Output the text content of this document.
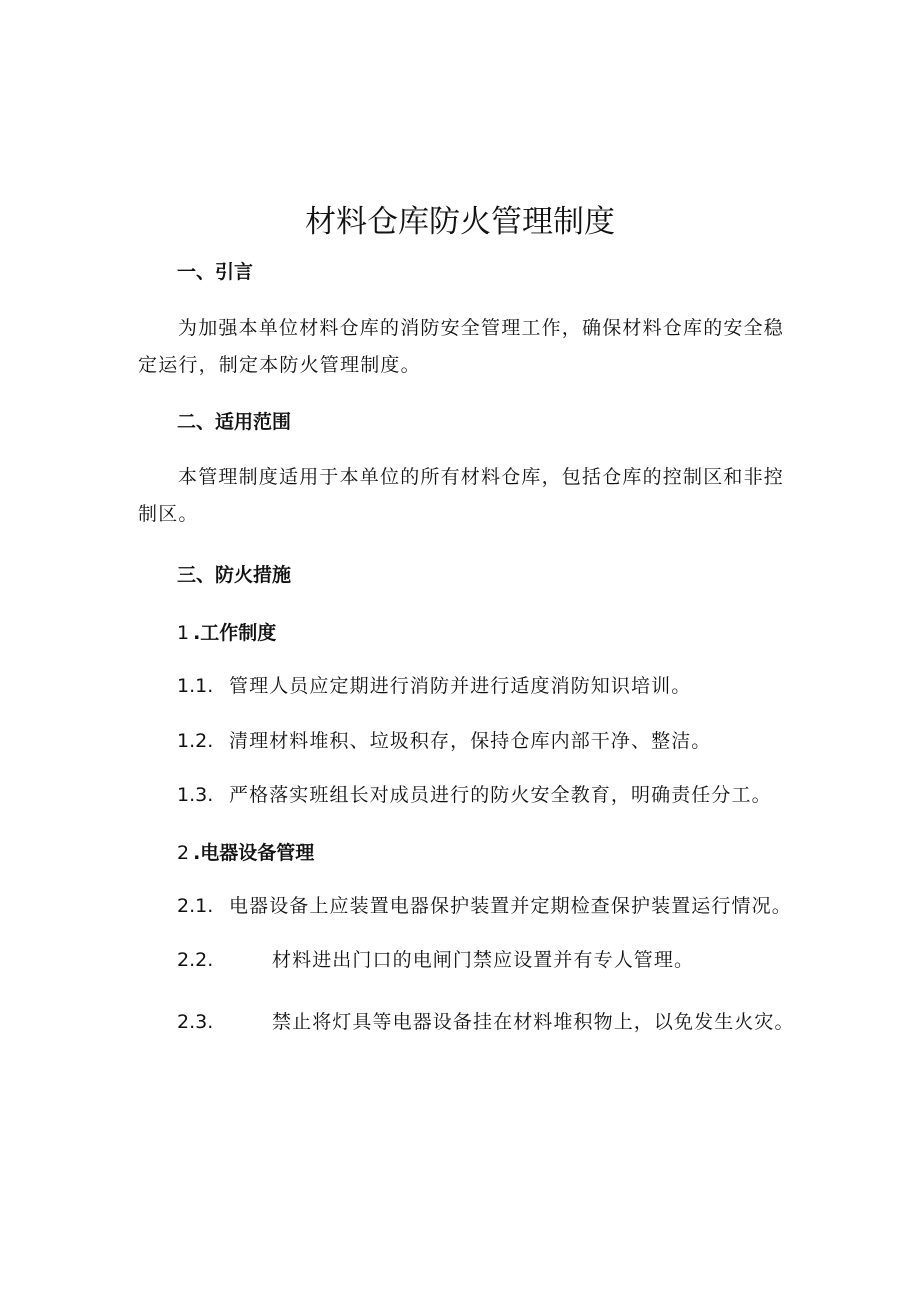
材料仓库防火管理制度
一、引言

为加强本单位材料仓库的消防安全管理工作，确保材料仓库的安全稳定运行，制定本防火管理制度。

二、适用范围

本管理制度适用于本单位的所有材料仓库，包括仓库的控制区和非控制区。

三、防火措施
1 .工作制度
1.1. 管理人员应定期进行消防并进行适度消防知识培训。
1.2. 清理材料堆积、垃圾积存，保持仓库内部干净、整洁。
1.3. 严格落实班组长对成员进行的防火安全教育，明确责任分工。
2 .电器设备管理
2.1. 电器设备上应装置电器保护装置并定期检查保护装置运行情况。
2.2.	材料进出门口的电闸门禁应设置并有专人管理。
2.3.	禁止将灯具等电器设备挂在材料堆积物上，以免发生火灾。
